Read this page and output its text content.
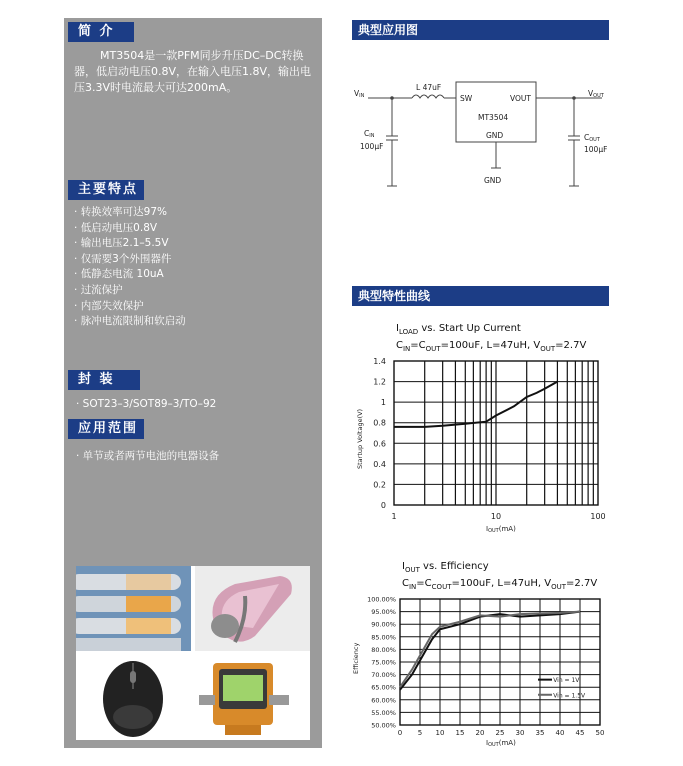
简 介
MT3504是一款PFM同步升压DC–DC转换器，低启动电压0.8V，在输入电压1.8V，输出电压3.3V时电流最大可达200mA。
主要特点
· 转换效率可达97%
· 低启动电压0.8V
· 输出电压2.1–5.5V
· 仅需要3个外围器件
· 低静态电流 10uA
· 过流保护
· 内部失效保护
· 脉冲电流限制和软启动
封 装
· SOT23–3/SOT89–3/TO–92
应用范围
· 单节或者两节电池的电器设备
典型应用图
VIN
L 47uF
SW	VOUT
MT3504
GND
VOUT
CIN
100μF
COUT
100μF
GND
典型特性曲线
$I_{LOAD}$ vs. Start Up Current
$C_{IN}=C_{OUT}=100uF$, L=47uH, $V_{OUT}=2.7V$
0
0.2
0.4
0.6
0.8
1
1.2
1.4
1	10	100
IOUT(mA)
Startup Voltage(V)
$I_{OUT}$ vs. Efficiency
$C_{IN}=C_{COUT}=100uF$, L=47uH, $V_{OUT}=2.7V$
0 5 10 15 20 25 30 35 40 45 50
50.00%
55.00%
60.00%
65.00%
70.00%
75.00%
80.00%
85.00%
90.00%
95.00%
100.00%
Vin = 1V
Vin = 1.5V
IOUT(mA)
Efficiency
